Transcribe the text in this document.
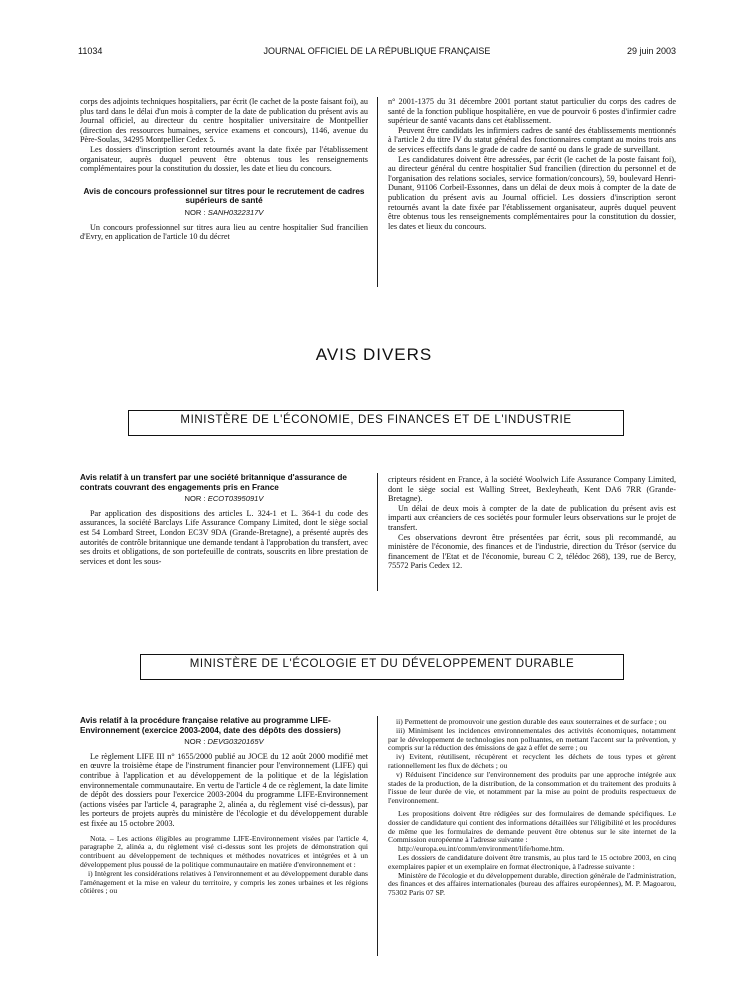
11034	JOURNAL OFFICIEL DE LA RÉPUBLIQUE FRANÇAISE	29 juin 2003

corps des adjoints techniques hospitaliers, par écrit (le cachet de la poste faisant foi), au plus tard dans le délai d'un mois à compter de la date de publication du présent avis au Journal officiel, au directeur du centre hospitalier universitaire de Montpellier (direction des ressources humaines, service examens et concours), 1146, avenue du Père-Soulas, 34295 Montpellier Cedex 5.

Les dossiers d'inscription seront retournés avant la date fixée par l'établissement organisateur, auprès duquel peuvent être obtenus tous les renseignements complémentaires pour la constitution du dossier, les date et lieu du concours.

Avis de concours professionnel sur titres pour le recrutement de cadres supérieurs de santé

NOR : SANH0322317V

Un concours professionnel sur titres aura lieu au centre hospitalier Sud francilien d'Evry, en application de l'article 10 du décret

n° 2001-1375 du 31 décembre 2001 portant statut particulier du corps des cadres de santé de la fonction publique hospitalière, en vue de pourvoir 6 postes d'infirmier cadre supérieur de santé vacants dans cet établissement.

Peuvent être candidats les infirmiers cadres de santé des établissements mentionnés à l'article 2 du titre IV du statut général des fonctionnaires comptant au moins trois ans de services effectifs dans le grade de cadre de santé ou dans le grade de surveillant.

Les candidatures doivent être adressées, par écrit (le cachet de la poste faisant foi), au directeur général du centre hospitalier Sud francilien (direction du personnel et de l'organisation des relations sociales, service formation/concours), 59, boulevard Henri-Dunant, 91106 Corbeil-Essonnes, dans un délai de deux mois à compter de la date de publication du présent avis au Journal officiel. Les dossiers d'inscription seront retournés avant la date fixée par l'établissement organisateur, auprès duquel peuvent être obtenus tous les renseignements complémentaires pour la constitution du dossier, les dates et lieux du concours.

AVIS DIVERS
MINISTÈRE DE L'ÉCONOMIE, DES FINANCES ET DE L'INDUSTRIE

Avis relatif à un transfert par une société britannique d'assurance de contrats couvrant des engagements pris en France

NOR : ECOT0395091V

Par application des dispositions des articles L. 324-1 et L. 364-1 du code des assurances, la société Barclays Life Assurance Company Limited, dont le siège social est 54 Lombard Street, London EC3V 9DA (Grande-Bretagne), a présenté auprès des autorités de contrôle britannique une demande tendant à l'approbation du transfert, avec ses droits et obligations, de son portefeuille de contrats, souscrits en libre prestation de services et dont les sous-

cripteurs résident en France, à la société Woolwich Life Assurance Company Limited, dont le siège social est Walling Street, Bexleyheath, Kent DA6 7RR (Grande-Bretagne).

Un délai de deux mois à compter de la date de publication du présent avis est imparti aux créanciers de ces sociétés pour formuler leurs observations sur le projet de transfert.

Ces observations devront être présentées par écrit, sous pli recommandé, au ministère de l'économie, des finances et de l'industrie, direction du Trésor (service du financement de l'Etat et de l'économie, bureau C 2, télédoc 268), 139, rue de Bercy, 75572 Paris Cedex 12.

MINISTÈRE DE L'ÉCOLOGIE ET DU DÉVELOPPEMENT DURABLE

Avis relatif à la procédure française relative au programme LIFE-Environnement (exercice 2003-2004, date des dépôts des dossiers)

NOR : DEVG0320165V

Le règlement LIFE III n° 1655/2000 publié au JOCE du 12 août 2000 modifié met en œuvre la troisième étape de l'instrument financier pour l'environnement (LIFE) qui contribue à l'application et au développement de la politique et de la législation environnementale communautaire. En vertu de l'article 4 de ce règlement, la date limite de dépôt des dossiers pour l'exercice 2003-2004 du programme LIFE-Environnement (actions visées par l'article 4, paragraphe 2, alinéa a, du règlement visé ci-dessus), par les porteurs de projets auprès du ministère de l'écologie et du développement durable est fixée au 15 octobre 2003.

Nota. – Les actions éligibles au programme LIFE-Environnement visées par l'article 4, paragraphe 2, alinéa a, du règlement visé ci-dessus sont les projets de démonstration qui contribuent au développement de techniques et méthodes novatrices et intégrées et à un développement plus poussé de la politique communautaire en matière d'environnement et :

i) Intègrent les considérations relatives à l'environnement et au développement durable dans l'aménagement et la mise en valeur du territoire, y compris les zones urbaines et les régions côtières ; ou

ii) Permettent de promouvoir une gestion durable des eaux souterraines et de surface ; ou

iii) Minimisent les incidences environnementales des activités économiques, notamment par le développement de technologies non polluantes, en mettant l'accent sur la prévention, y compris sur la réduction des émissions de gaz à effet de serre ; ou

iv) Evitent, réutilisent, récupèrent et recyclent les déchets de tous types et gèrent rationnellement les flux de déchets ; ou

v) Réduisent l'incidence sur l'environnement des produits par une approche intégrée aux stades de la production, de la distribution, de la consommation et du traitement des produits à l'issue de leur durée de vie, et notamment par la mise au point de produits respectueux de l'environnement.

Les propositions doivent être rédigées sur des formulaires de demande spécifiques. Le dossier de candidature qui contient des informations détaillées sur l'éligibilité et les procédures de même que les formulaires de demande peuvent être obtenus sur le site internet de la Commission européenne à l'adresse suivante :

http://europa.eu.int/comm/environment/life/home.htm.

Les dossiers de candidature doivent être transmis, au plus tard le 15 octobre 2003, en cinq exemplaires papier et un exemplaire en format électronique, à l'adresse suivante :

Ministère de l'écologie et du développement durable, direction générale de l'administration, des finances et des affaires internationales (bureau des affaires européennes), M. P. Magoarou, 75302 Paris 07 SP.
